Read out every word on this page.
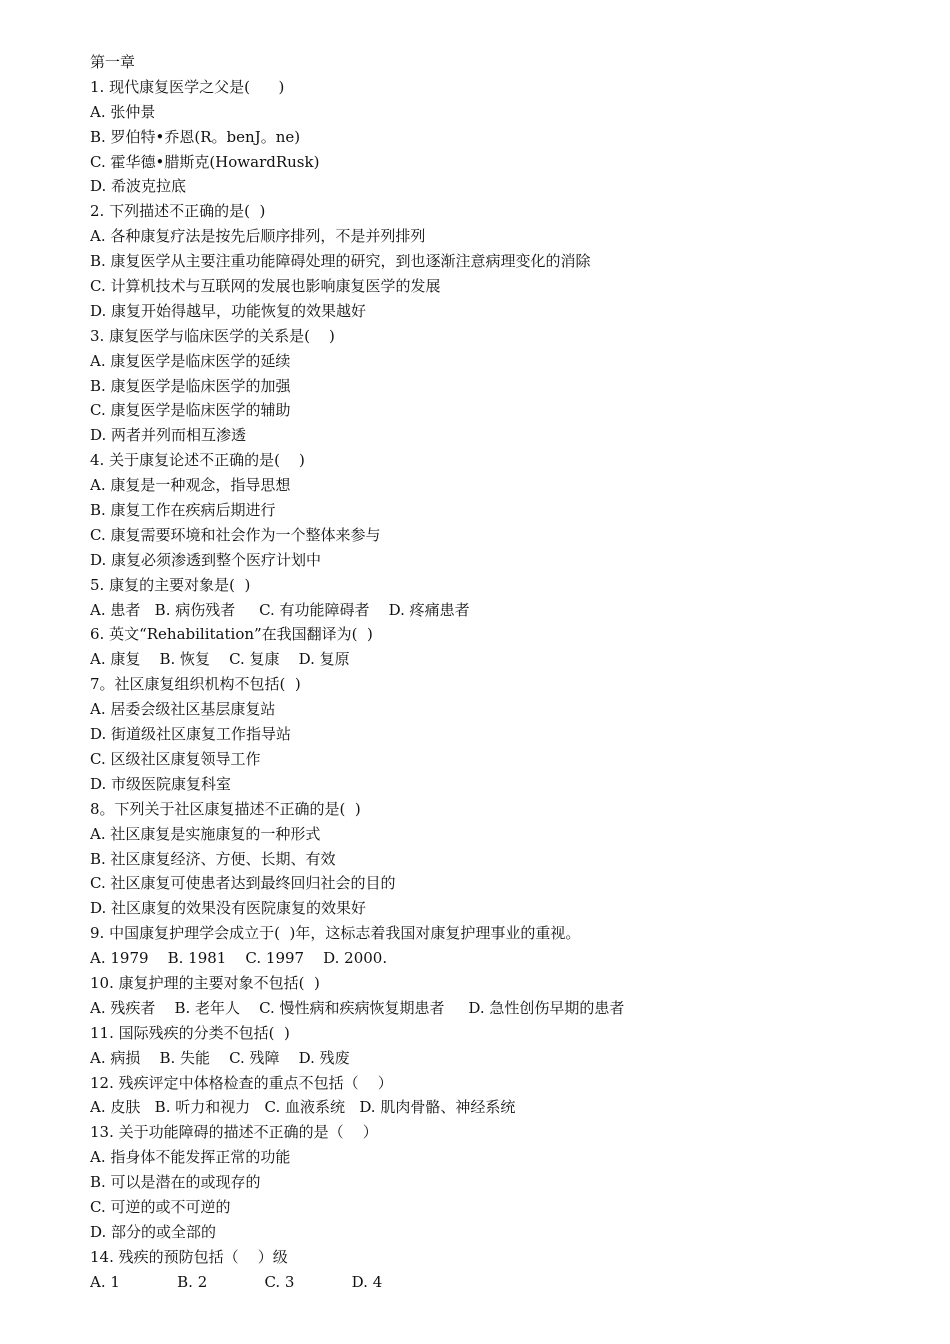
第一章
1. 现代康复医学之父是(      )
A. 张仲景
B. 罗伯特•乔恩(R。benJ。ne)
C. 霍华德•腊斯克(HowardRusk)
D. 希波克拉底
2. 下列描述不正确的是(  )
A. 各种康复疗法是按先后顺序排列，不是并列排列
B. 康复医学从主要注重功能障碍处理的研究，到也逐渐注意病理变化的消除
C. 计算机技术与互联网的发展也影响康复医学的发展
D. 康复开始得越早，功能恢复的效果越好
3. 康复医学与临床医学的关系是(    )
A. 康复医学是临床医学的延续
B. 康复医学是临床医学的加强
C. 康复医学是临床医学的辅助
D. 两者并列而相互渗透
4. 关于康复论述不正确的是(    )
A. 康复是一种观念，指导思想
B. 康复工作在疾病后期进行
C. 康复需要环境和社会作为一个整体来参与
D. 康复必须渗透到整个医疗计划中
5. 康复的主要对象是(  )
A. 患者   B. 病伤残者     C. 有功能障碍者    D. 疼痛患者
6. 英文“Rehabilitation”在我国翻译为(  )
A. 康复    B. 恢复    C. 复康    D. 复原
7。社区康复组织机构不包括(  )
A. 居委会级社区基层康复站
D. 街道级社区康复工作指导站
C. 区级社区康复领导工作
D. 市级医院康复科室
8。下列关于社区康复描述不正确的是(  )
A. 社区康复是实施康复的一种形式
B. 社区康复经济、方便、长期、有效
C. 社区康复可使患者达到最终回归社会的目的
D. 社区康复的效果没有医院康复的效果好
9. 中国康复护理学会成立于(  )年，这标志着我国对康复护理事业的重视。
A. 1979    B. 1981    C. 1997    D. 2000.
10. 康复护理的主要对象不包括(  )
A. 残疾者    B. 老年人    C. 慢性病和疾病恢复期患者     D. 急性创伤早期的患者
11. 国际残疾的分类不包括(  )
A. 病损    B. 失能    C. 残障    D. 残废
12. 残疾评定中体格检查的重点不包括（    ）
A. 皮肤   B. 听力和视力   C. 血液系统   D. 肌肉骨骼、神经系统
13. 关于功能障碍的描述不正确的是（    ）
A. 指身体不能发挥正常的功能
B. 可以是潜在的或现存的
C. 可逆的或不可逆的
D. 部分的或全部的
14. 残疾的预防包括（    ）级
A. 1            B. 2            C. 3            D. 4
